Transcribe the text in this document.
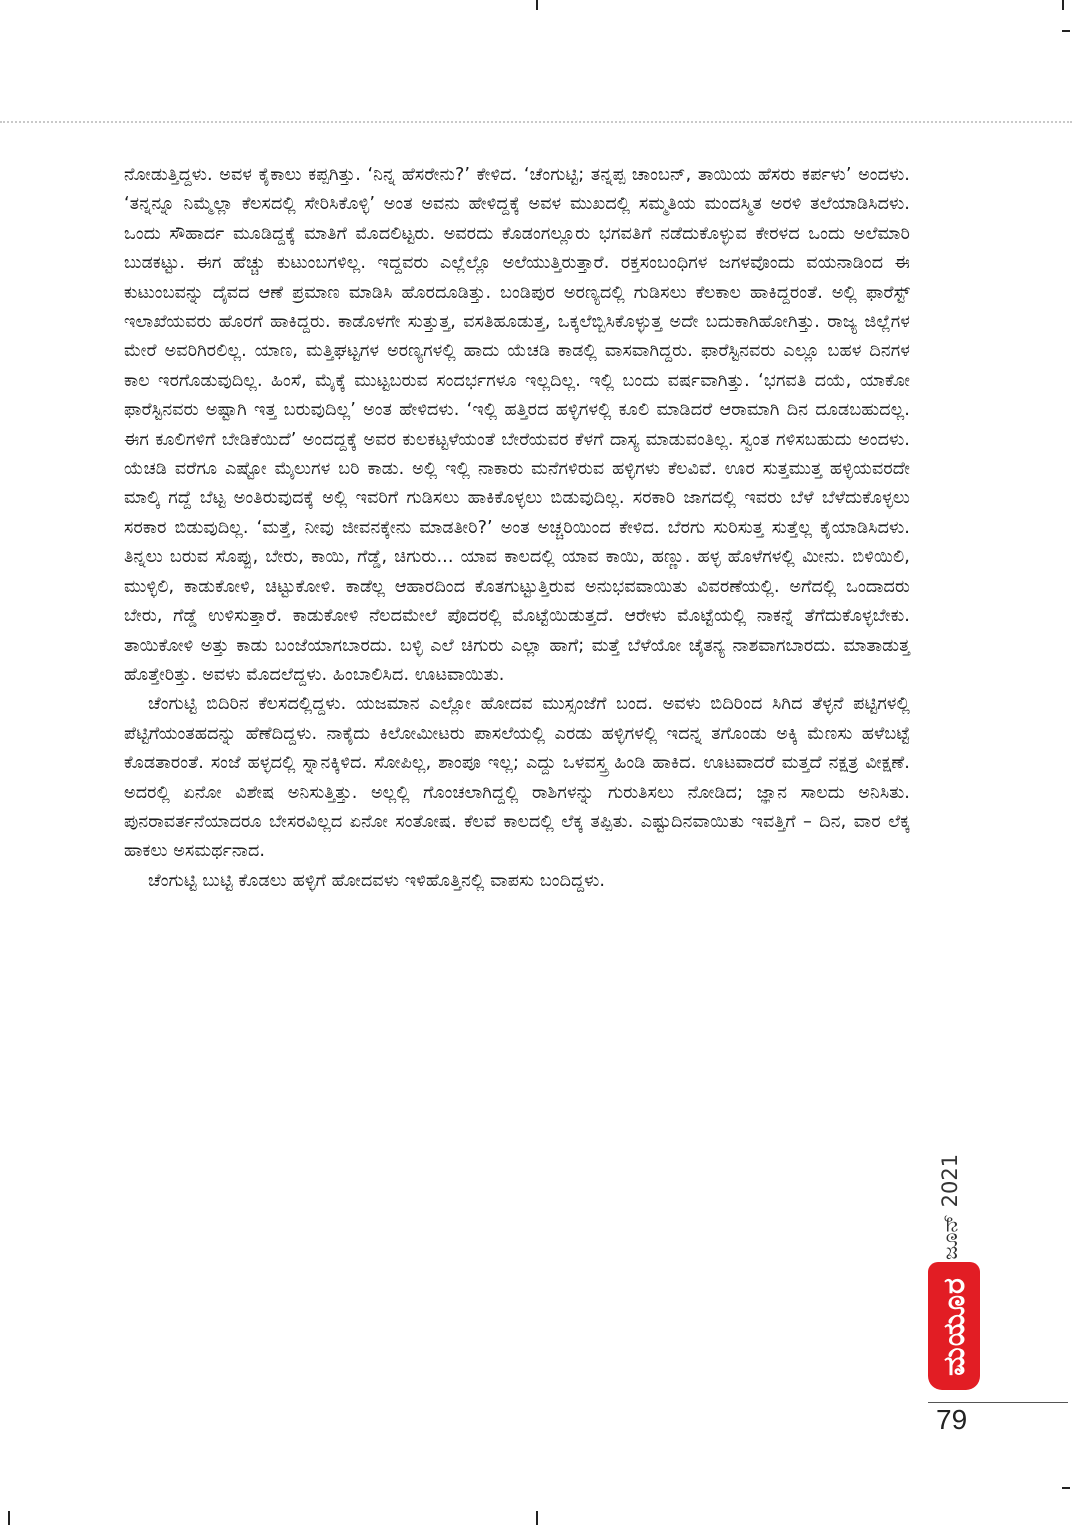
ನೋಡುತ್ತಿದ್ದಳು. ಅವಳ ಕೈಕಾಲು ಕಪ್ಪಗಿತ್ತು. ‘ನಿನ್ನ ಹೆಸರೇನು?’ ಕೇಳಿದ. ‘ಚೆಂಗುಟ್ಟಿ; ತನ್ನಪ್ಪ ಚಾಂಬನ್, ತಾಯಿಯ ಹೆಸರು ಕರ್ಪಳು’ ಅಂದಳು. ‘ತನ್ನನ್ನೂ ನಿಮ್ಮೆಲ್ಲಾ ಕೆಲಸದಲ್ಲಿ ಸೇರಿಸಿಕೊಳ್ಳಿ’ ಅಂತ ಅವನು ಹೇಳಿದ್ದಕ್ಕೆ ಅವಳ ಮುಖದಲ್ಲಿ ಸಮ್ಮತಿಯ ಮಂದಸ್ಮಿತ ಅರಳಿ ತಲೆಯಾಡಿಸಿದಳು. ಒಂದು ಸೌಹಾರ್ದ ಮೂಡಿದ್ದಕ್ಕೆ ಮಾತಿಗೆ ಮೊದಲಿಟ್ಟರು. ಅವರದು ಕೊಡಂಗಲ್ಲೂರು ಭಗವತಿಗೆ ನಡೆದುಕೊಳ್ಳುವ ಕೇರಳದ ಒಂದು ಅಲೆಮಾರಿ ಬುಡಕಟ್ಟು. ಈಗ ಹೆಚ್ಚು ಕುಟುಂಬಗಳಿಲ್ಲ. ಇದ್ದವರು ಎಲ್ಲೆಲ್ಲೊ ಅಲೆಯುತ್ತಿರುತ್ತಾರೆ. ರಕ್ತಸಂಬಂಧಿಗಳ ಜಗಳವೊಂದು ವಯನಾಡಿಂದ ಈ ಕುಟುಂಬವನ್ನು ದೈವದ ಆಣೆ ಪ್ರಮಾಣ ಮಾಡಿಸಿ ಹೊರದೂಡಿತ್ತು. ಬಂಡಿಪುರ ಅರಣ್ಯದಲ್ಲಿ ಗುಡಿಸಲು ಕೆಲಕಾಲ ಹಾಕಿದ್ದರಂತೆ. ಅಲ್ಲಿ ಫಾರೆಸ್ಟ್ ಇಲಾಖೆಯವರು ಹೊರಗೆ ಹಾಕಿದ್ದರು. ಕಾಡೊಳಗೇ ಸುತ್ತುತ್ತ, ವಸತಿಹೂಡುತ್ತ, ಒಕ್ಕಲೆಬ್ಬಿಸಿಕೊಳ್ಳುತ್ತ ಅದೇ ಬದುಕಾಗಿಹೋಗಿತ್ತು. ರಾಜ್ಯ ಜಿಲ್ಲೆಗಳ ಮೇರೆ ಅವರಿಗಿರಲಿಲ್ಲ. ಯಾಣ, ಮತ್ತಿಘಟ್ಟಗಳ ಅರಣ್ಯಗಳಲ್ಲಿ ಹಾದು ಯೆಚಡಿ ಕಾಡಲ್ಲಿ ವಾಸವಾಗಿದ್ದರು. ಫಾರೆಸ್ಟಿನವರು ಎಲ್ಲೂ ಬಹಳ ದಿನಗಳ ಕಾಲ ಇರಗೊಡುವುದಿಲ್ಲ. ಹಿಂಸೆ, ಮೈಕ್ಕೆ ಮುಟ್ಟಬರುವ ಸಂದರ್ಭಗಳೂ ಇಲ್ಲದಿಲ್ಲ. ಇಲ್ಲಿ ಬಂದು ವರ್ಷವಾಗಿತ್ತು. ‘ಭಗವತಿ ದಯೆ, ಯಾಕೋ ಫಾರೆಸ್ಟಿನವರು ಅಷ್ಟಾಗಿ ಇತ್ತ ಬರುವುದಿಲ್ಲ’ ಅಂತ ಹೇಳಿದಳು. ‘ಇಲ್ಲಿ ಹತ್ತಿರದ ಹಳ್ಳಿಗಳಲ್ಲಿ ಕೂಲಿ ಮಾಡಿದರೆ ಆರಾಮಾಗಿ ದಿನ ದೂಡಬಹುದಲ್ಲ. ಈಗ ಕೂಲಿಗಳಿಗೆ ಬೇಡಿಕೆಯಿದೆ’ ಅಂದದ್ದಕ್ಕೆ ಅವರ ಕುಲಕಟ್ಟಳೆಯಂತೆ ಬೇರೆಯವರ ಕೆಳಗೆ ದಾಸ್ಯ ಮಾಡುವಂತಿಲ್ಲ. ಸ್ವಂತ ಗಳಿಸಬಹುದು ಅಂದಳು. ಯೆಚಡಿ ವರೆಗೂ ಎಷ್ಟೋ ಮೈಲುಗಳ ಬರಿ ಕಾಡು. ಅಲ್ಲಿ ಇಲ್ಲಿ ನಾಕಾರು ಮನೆಗಳಿರುವ ಹಳ್ಳಿಗಳು ಕೆಲವಿವೆ. ಊರ ಸುತ್ತಮುತ್ತ ಹಳ್ಳಿಯವರದೇ ಮಾಲ್ಕಿ ಗದ್ದೆ ಬೆಟ್ಟ ಅಂತಿರುವುದಕ್ಕೆ ಅಲ್ಲಿ ಇವರಿಗೆ ಗುಡಿಸಲು ಹಾಕಿಕೊಳ್ಳಲು ಬಿಡುವುದಿಲ್ಲ. ಸರಕಾರಿ ಜಾಗದಲ್ಲಿ ಇವರು ಬೆಳೆ ಬೆಳೆದುಕೊಳ್ಳಲು ಸರಕಾರ ಬಿಡುವುದಿಲ್ಲ. ‘ಮತ್ತೆ, ನೀವು ಜೀವನಕ್ಕೇನು ಮಾಡತೀರಿ?’ ಅಂತ ಅಚ್ಚರಿಯಿಂದ ಕೇಳಿದ. ಬೆರಗು ಸುರಿಸುತ್ತ ಸುತ್ತೆಲ್ಲ ಕೈಯಾಡಿಸಿದಳು. ತಿನ್ನಲು ಬರುವ ಸೊಪ್ಪು, ಬೇರು, ಕಾಯಿ, ಗೆಡ್ಡೆ, ಚಿಗುರು... ಯಾವ ಕಾಲದಲ್ಲಿ ಯಾವ ಕಾಯಿ, ಹಣ್ಣು. ಹಳ್ಳ ಹೊಳೆಗಳಲ್ಲಿ ಮೀನು. ಬಿಳಿಯಿಲಿ, ಮುಳ್ಳಿಲಿ, ಕಾಡುಕೋಳಿ, ಚಿಟ್ಟುಕೋಳಿ. ಕಾಡೆಲ್ಲ ಆಹಾರದಿಂದ ಕೊತಗುಟ್ಟುತ್ತಿರುವ ಅನುಭವವಾಯಿತು ವಿವರಣೆಯಲ್ಲಿ. ಅಗೆದಲ್ಲಿ ಒಂದಾದರು ಬೇರು, ಗೆಡ್ಡೆ ಉಳಿಸುತ್ತಾರೆ. ಕಾಡುಕೋಳಿ ನೆಲದಮೇಲೆ ಪೊದರಲ್ಲಿ ಮೊಟ್ಟೆಯಿಡುತ್ತದೆ. ಆರೇಳು ಮೊಟ್ಟೆಯಲ್ಲಿ ನಾಕನ್ನೆ ತೆಗೆದುಕೊಳ್ಳಬೇಕು. ತಾಯಿಕೋಳಿ ಅತ್ತು ಕಾಡು ಬಂಜೆಯಾಗಬಾರದು. ಬಳ್ಳಿ ಎಲೆ ಚಿಗುರು ಎಲ್ಲಾ ಹಾಗೆ; ಮತ್ತೆ ಬೆಳೆಯೋ ಚೈತನ್ಯ ನಾಶವಾಗಬಾರದು. ಮಾತಾಡುತ್ತ ಹೊತ್ತೇರಿತ್ತು. ಅವಳು ಮೊದಲೆದ್ದಳು. ಹಿಂಬಾಲಿಸಿದ. ಊಟವಾಯಿತು.

ಚೆಂಗುಟ್ಟಿ ಬಿದಿರಿನ ಕೆಲಸದಲ್ಲಿದ್ದಳು. ಯಜಮಾನ ಎಲ್ಲೋ ಹೋದವ ಮುಸ್ಸಂಜೆಗೆ ಬಂದ. ಅವಳು ಬಿದಿರಿಂದ ಸಿಗಿದ ತೆಳ್ಳನೆ ಪಟ್ಟಿಗಳಲ್ಲಿ ಪೆಟ್ಟಿಗೆಯಂತಹದನ್ನು ಹೆಣೆದಿದ್ದಳು. ನಾಕೈದು ಕಿಲೋಮೀಟರು ಪಾಸಲೆಯಲ್ಲಿ ಎರಡು ಹಳ್ಳಿಗಳಲ್ಲಿ ಇದನ್ನ ತಗೊಂಡು ಅಕ್ಕಿ ಮೆಣಸು ಹಳೆಬಟ್ಟೆ ಕೊಡತಾರಂತೆ. ಸಂಜೆ ಹಳ್ಳದಲ್ಲಿ ಸ್ನಾನಕ್ಕಿಳಿದ. ಸೋಪಿಲ್ಲ, ಶಾಂಪೂ ಇಲ್ಲ; ಎದ್ದು ಒಳವಸ್ತ್ರ ಹಿಂಡಿ ಹಾಕಿದ. ಊಟವಾದರೆ ಮತ್ತದೆ ನಕ್ಷತ್ರ ವೀಕ್ಷಣೆ. ಅದರಲ್ಲಿ ಏನೋ ವಿಶೇಷ ಅನಿಸುತ್ತಿತ್ತು. ಅಲ್ಲಲ್ಲಿ ಗೊಂಚಲಾಗಿದ್ದಲ್ಲಿ ರಾಶಿಗಳನ್ನು ಗುರುತಿಸಲು ನೋಡಿದ; ಜ್ಞಾನ ಸಾಲದು ಅನಿಸಿತು. ಪುನರಾವರ್ತನೆಯಾದರೂ ಬೇಸರವಿಲ್ಲದ ಏನೋ ಸಂತೋಷ. ಕೆಲವೆ ಕಾಲದಲ್ಲಿ ಲೆಕ್ಕ ತಪ್ಪಿತು. ಎಷ್ಟುದಿನವಾಯಿತು ಇವತ್ತಿಗೆ – ದಿನ, ವಾರ ಲೆಕ್ಕ ಹಾಕಲು ಅಸಮರ್ಥನಾದ.

ಚೆಂಗುಟ್ಟಿ ಬುಟ್ಟಿ ಕೊಡಲು ಹಳ್ಳಿಗೆ ಹೋದವಳು ಇಳಿಹೊತ್ತಿನಲ್ಲಿ ವಾಪಸು ಬಂದಿದ್ದಳು.

ಜೂನ್ 2021
ಮಯೂರ
79
